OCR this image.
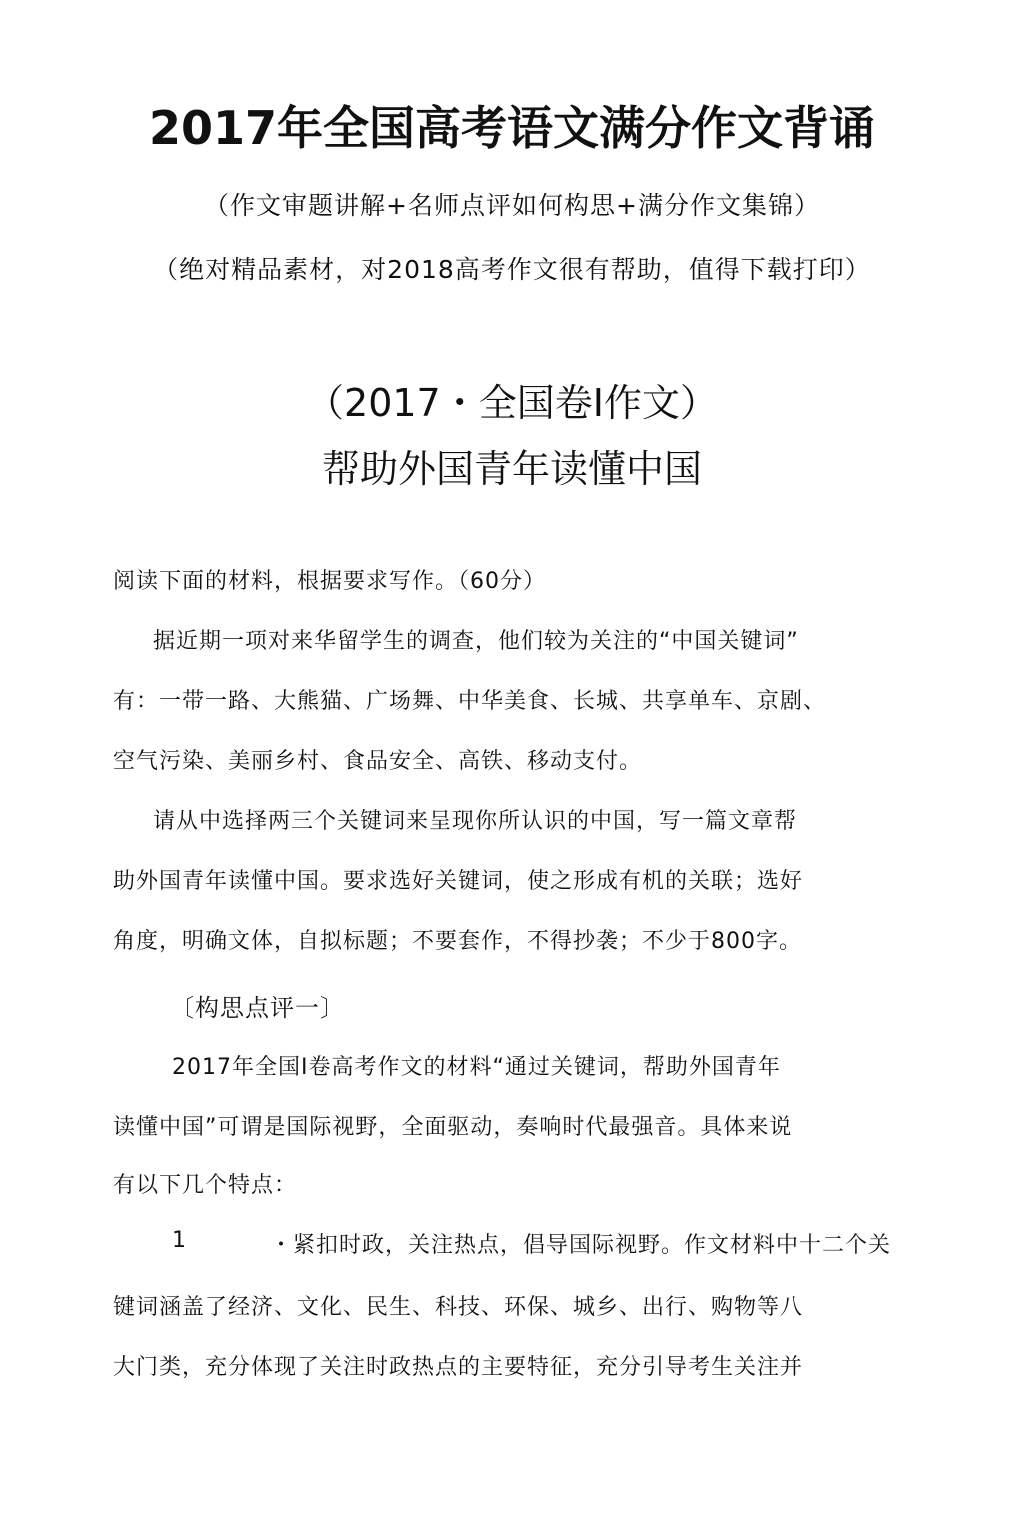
2017年全国高考语文满分作文背诵
（作文审题讲解+名师点评如何构思+满分作文集锦）
（绝对精品素材，对2018高考作文很有帮助，值得下载打印）
（2017・全国卷I作文）
帮助外国青年读懂中国
阅读下面的材料，根据要求写作。（60分）
据近期一项对来华留学生的调查，他们较为关注的“中国关键词”
有：一带一路、大熊猫、广场舞、中华美食、长城、共享单车、京剧、
空气污染、美丽乡村、食品安全、高铁、移动支付。
请从中选择两三个关键词来呈现你所认识的中国，写一篇文章帮
助外国青年读懂中国。要求选好关键词，使之形成有机的关联；选好
角度，明确文体，自拟标题；不要套作，不得抄袭；不少于800字。
〔构思点评一〕
2017年全国Ⅰ卷高考作文的材料“通过关键词，帮助外国青年
读懂中国”可谓是国际视野，全面驱动，奏响时代最强音。具体来说
有以下几个特点：
1	・紧扣时政，关注热点，倡导国际视野。作文材料中十二个关
键词涵盖了经济、文化、民生、科技、环保、城乡、出行、购物等八
大门类，充分体现了关注时政热点的主要特征，充分引导考生关注并
